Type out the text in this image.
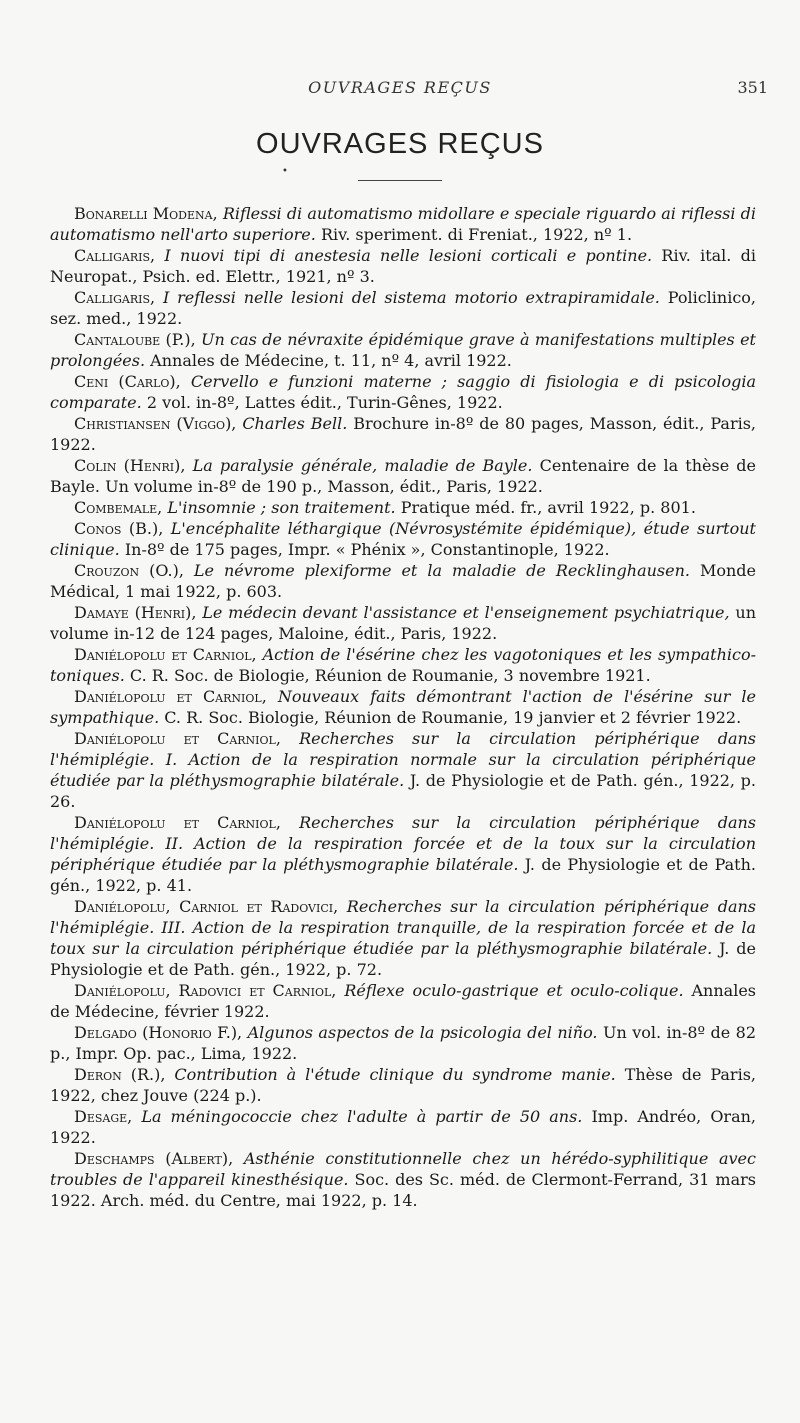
OUVRAGES REÇUS	351
OUVRAGES REÇUS
•

Bonarelli Modena, Riflessi di automatismo midollare e speciale riguardo ai riflessi di automatismo nell'arto superiore. Riv. speriment. di Freniat., 1922, nº 1.

Calligaris, I nuovi tipi di anestesia nelle lesioni corticali e pontine. Riv. ital. di Neuropat., Psich. ed. Elettr., 1921, nº 3.

Calligaris, I reflessi nelle lesioni del sistema motorio extrapiramidale. Policlinico, sez. med., 1922.

Cantaloube (P.), Un cas de névraxite épidémique grave à manifestations multiples et prolongées. Annales de Médecine, t. 11, nº 4, avril 1922.

Ceni (Carlo), Cervello e funzioni materne ; saggio di fisiologia e di psicologia comparate. 2 vol. in-8º, Lattes édit., Turin-Gênes, 1922.

Christiansen (Viggo), Charles Bell. Brochure in-8º de 80 pages, Masson, édit., Paris, 1922.

Colin (Henri), La paralysie générale, maladie de Bayle. Centenaire de la thèse de Bayle. Un volume in-8º de 190 p., Masson, édit., Paris, 1922.

Combemale, L'insomnie ; son traitement. Pratique méd. fr., avril 1922, p. 801.

Conos (B.), L'encéphalite léthargique (Névrosystémite épidémique), étude surtout clinique. In-8º de 175 pages, Impr. « Phénix », Constantinople, 1922.

Crouzon (O.), Le névrome plexiforme et la maladie de Recklinghausen. Monde Médical, 1 mai 1922, p. 603.

Damaye (Henri), Le médecin devant l'assistance et l'enseignement psychiatrique, un volume in-12 de 124 pages, Maloine, édit., Paris, 1922.

Daniélopolu et Carniol, Action de l'ésérine chez les vagotoniques et les sympathico-toniques. C. R. Soc. de Biologie, Réunion de Roumanie, 3 novembre 1921.

Daniélopolu et Carniol, Nouveaux faits démontrant l'action de l'ésérine sur le sympathique. C. R. Soc. Biologie, Réunion de Roumanie, 19 janvier et 2 février 1922.

Daniélopolu et Carniol, Recherches sur la circulation périphérique dans l'hémiplégie. I. Action de la respiration normale sur la circulation périphérique étudiée par la pléthysmographie bilatérale. J. de Physiologie et de Path. gén., 1922, p. 26.

Daniélopolu et Carniol, Recherches sur la circulation périphérique dans l'hémiplégie. II. Action de la respiration forcée et de la toux sur la circulation périphérique étudiée par la pléthysmographie bilatérale. J. de Physiologie et de Path. gén., 1922, p. 41.

Daniélopolu, Carniol et Radovici, Recherches sur la circulation périphérique dans l'hémiplégie. III. Action de la respiration tranquille, de la respiration forcée et de la toux sur la circulation périphérique étudiée par la pléthysmographie bilatérale. J. de Physiologie et de Path. gén., 1922, p. 72.

Daniélopolu, Radovici et Carniol, Réflexe oculo-gastrique et oculo-colique. Annales de Médecine, février 1922.

Delgado (Honorio F.), Algunos aspectos de la psicologia del niño. Un vol. in-8º de 82 p., Impr. Op. pac., Lima, 1922.

Deron (R.), Contribution à l'étude clinique du syndrome manie. Thèse de Paris, 1922, chez Jouve (224 p.).

Desage, La méningococcie chez l'adulte à partir de 50 ans. Imp. Andréo, Oran, 1922.

Deschamps (Albert), Asthénie constitutionnelle chez un hérédo-syphilitique avec troubles de l'appareil kinesthésique. Soc. des Sc. méd. de Clermont-Ferrand, 31 mars 1922. Arch. méd. du Centre, mai 1922, p. 14.
